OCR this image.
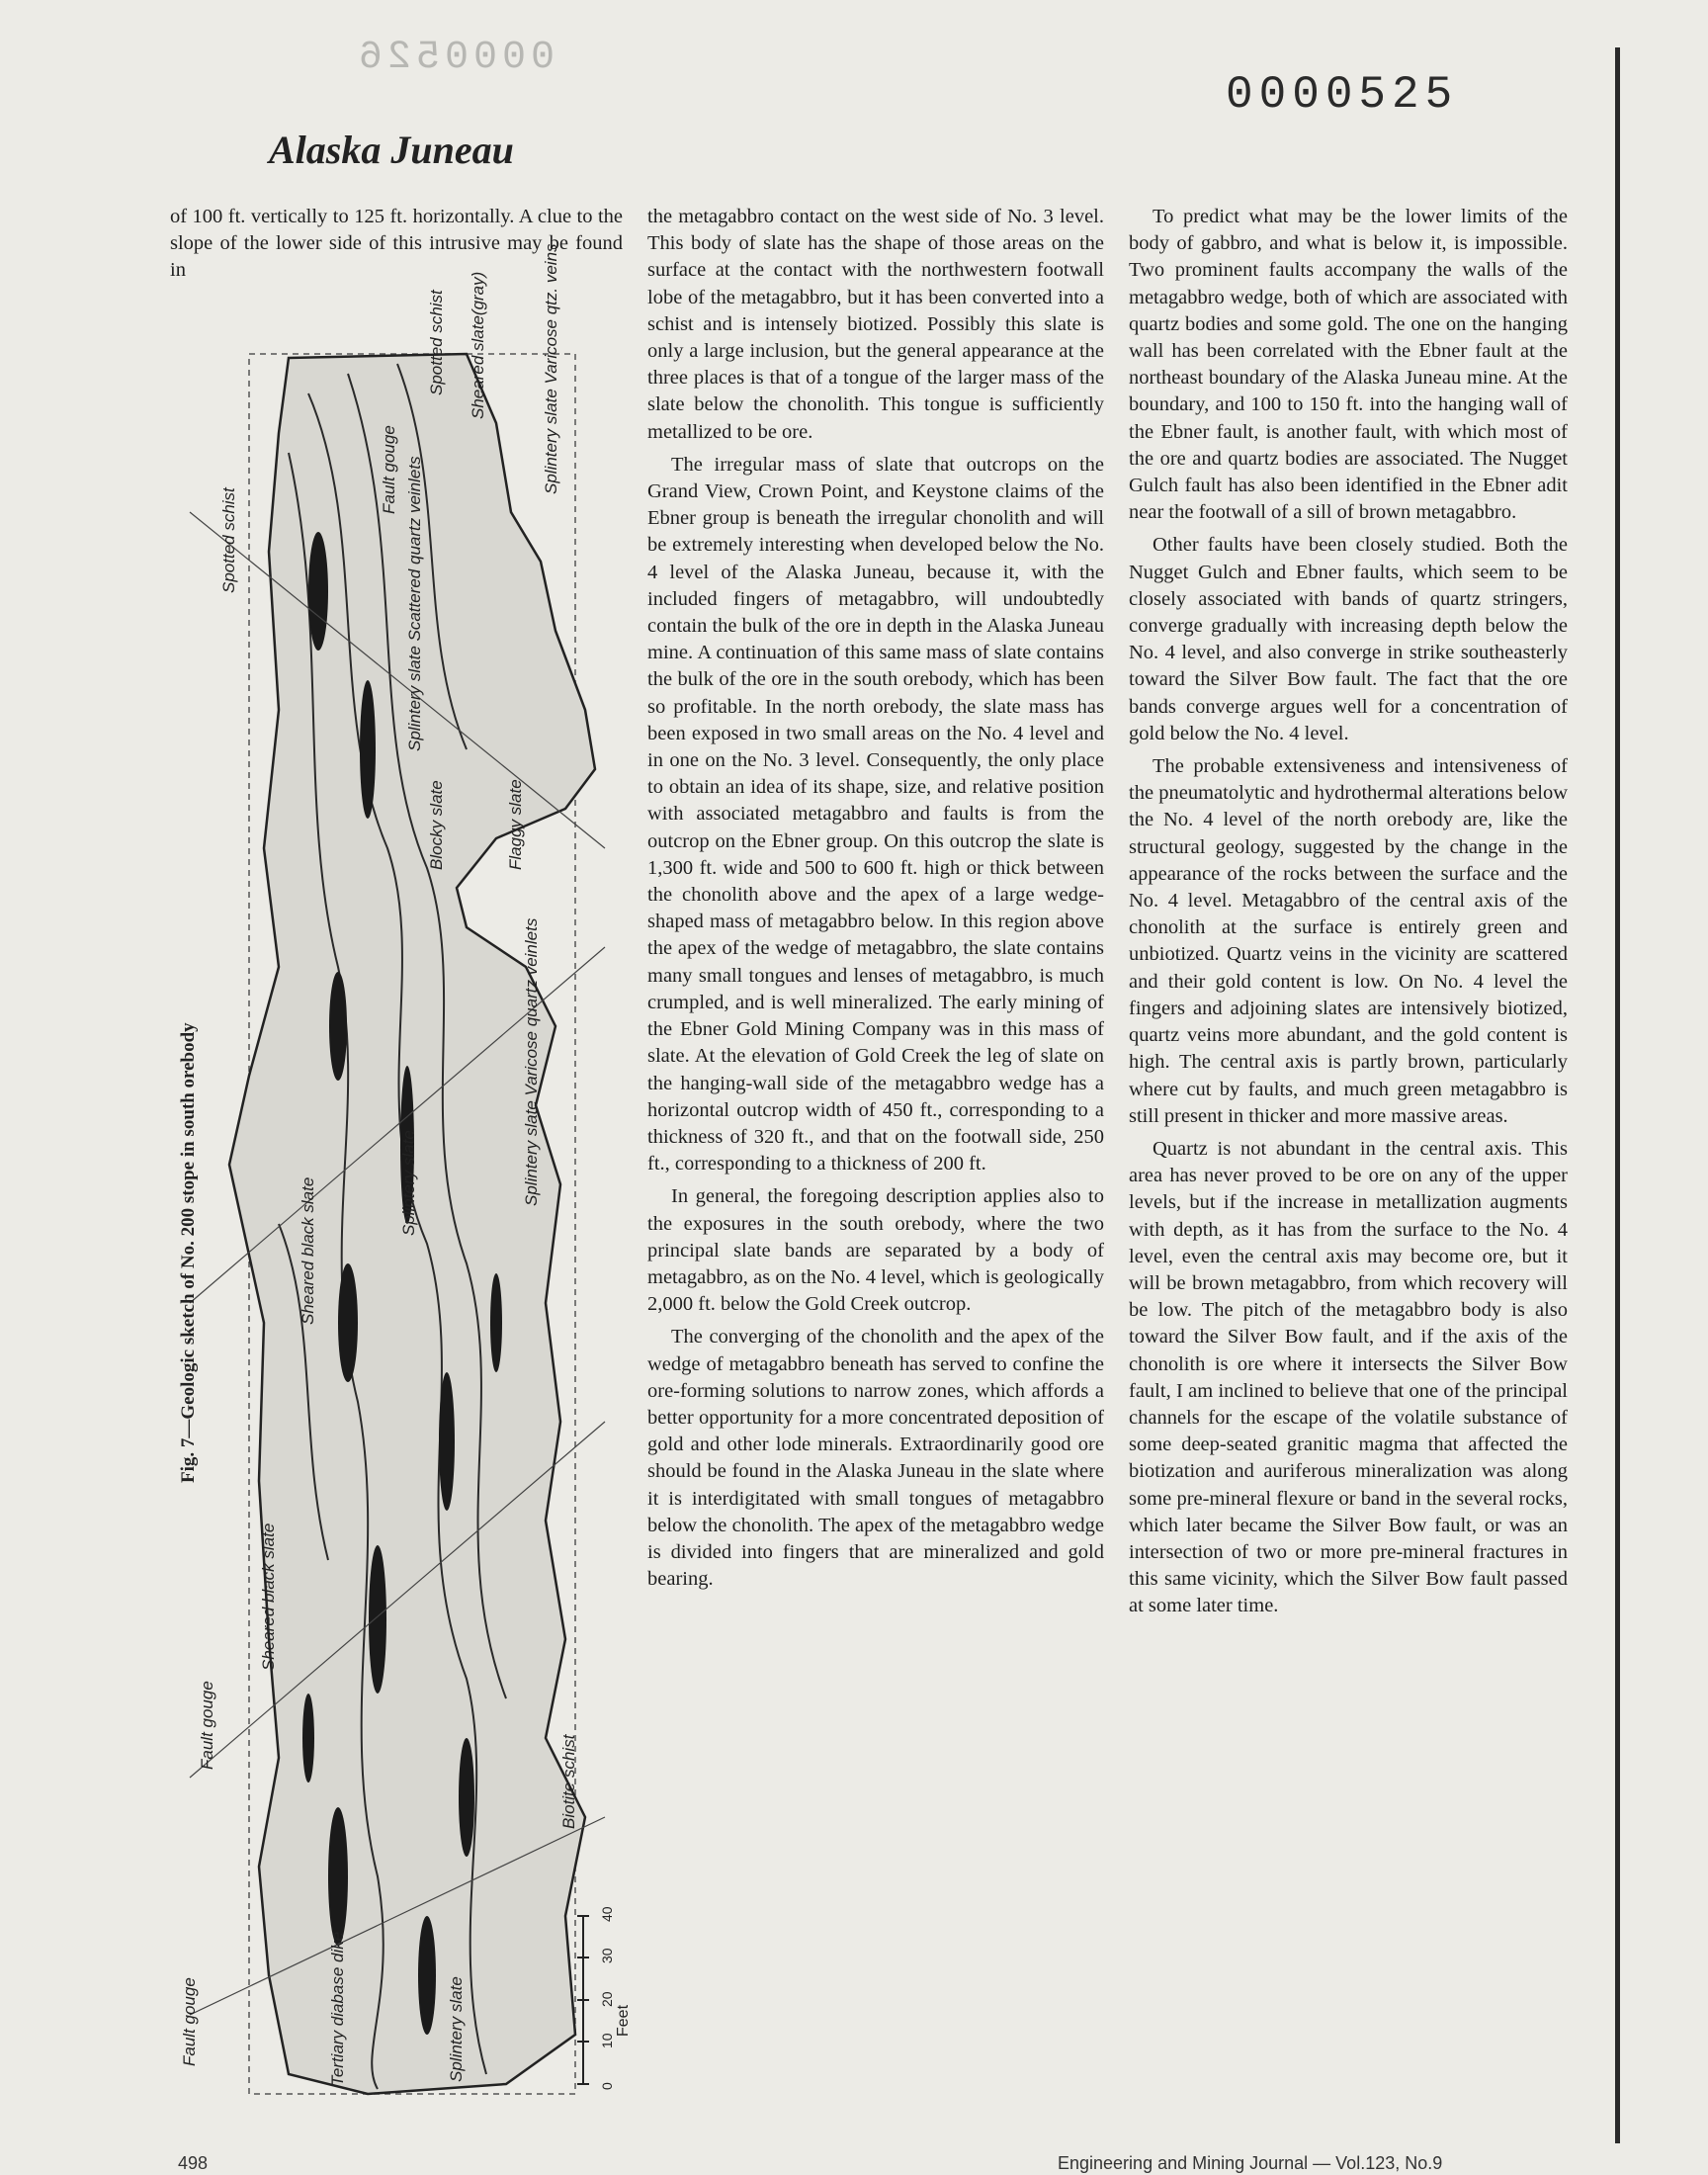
0000526
0000525
Alaska Juneau

of 100 ft. vertically to 125 ft. horizontally. A clue to the slope of the lower side of this intrusive may be found in

Fig. 7—Geologic sketch of No. 200 stope in south orebody
Spotted schist
Spotted schist Sheared slate(gray)	Splintery slate Varicose qtz. veins
Fault gouge Splintery slate Scattered quartz veinlets
Flaggy slate
Blocky slate
Splintery slate	Splintery slate Varicose quartz veinlets
Sheared black slate
Sheared black slate
Fault gouge
Biotite schist
Fault gouge	Tertiary diabase dike	Splintery slate
0
10
20
30
40
Feet

the metagabbro contact on the west side of No. 3 level. This body of slate has the shape of those areas on the surface at the contact with the northwestern footwall lobe of the metagabbro, but it has been converted into a schist and is intensely biotized. Possibly this slate is only a large inclusion, but the general appearance at the three places is that of a tongue of the larger mass of the slate below the chonolith. This tongue is sufficiently metallized to be ore.

The irregular mass of slate that outcrops on the Grand View, Crown Point, and Keystone claims of the Ebner group is beneath the irregular chonolith and will be extremely interesting when developed below the No. 4 level of the Alaska Juneau, because it, with the included fingers of metagabbro, will undoubtedly contain the bulk of the ore in depth in the Alaska Juneau mine. A continuation of this same mass of slate contains the bulk of the ore in the south orebody, which has been so profitable. In the north orebody, the slate mass has been exposed in two small areas on the No. 4 level and in one on the No. 3 level. Consequently, the only place to obtain an idea of its shape, size, and relative position with associated metagabbro and faults is from the outcrop on the Ebner group. On this outcrop the slate is 1,300 ft. wide and 500 to 600 ft. high or thick between the chonolith above and the apex of a large wedge-shaped mass of metagabbro below. In this region above the apex of the wedge of metagabbro, the slate contains many small tongues and lenses of metagabbro, is much crumpled, and is well mineralized. The early mining of the Ebner Gold Mining Company was in this mass of slate. At the elevation of Gold Creek the leg of slate on the hanging-wall side of the metagabbro wedge has a horizontal outcrop width of 450 ft., corresponding to a thickness of 320 ft., and that on the footwall side, 250 ft., corresponding to a thickness of 200 ft.

In general, the foregoing description applies also to the exposures in the south orebody, where the two principal slate bands are separated by a body of metagabbro, as on the No. 4 level, which is geologically 2,000 ft. below the Gold Creek outcrop.

The converging of the chonolith and the apex of the wedge of metagabbro beneath has served to confine the ore-forming solutions to narrow zones, which affords a better opportunity for a more concentrated deposition of gold and other lode minerals. Extraordinarily good ore should be found in the Alaska Juneau in the slate where it is interdigitated with small tongues of metagabbro below the chonolith. The apex of the metagabbro wedge is divided into fingers that are mineralized and gold bearing.

To predict what may be the lower limits of the body of gabbro, and what is below it, is impossible. Two prominent faults accompany the walls of the metagabbro wedge, both of which are associated with quartz bodies and some gold. The one on the hanging wall has been correlated with the Ebner fault at the northeast boundary of the Alaska Juneau mine. At the boundary, and 100 to 150 ft. into the hanging wall of the Ebner fault, is another fault, with which most of the ore and quartz bodies are associated. The Nugget Gulch fault has also been identified in the Ebner adit near the footwall of a sill of brown metagabbro.

Other faults have been closely studied. Both the Nugget Gulch and Ebner faults, which seem to be closely associated with bands of quartz stringers, converge gradually with increasing depth below the No. 4 level, and also converge in strike southeasterly toward the Silver Bow fault. The fact that the ore bands converge argues well for a concentration of gold below the No. 4 level.

The probable extensiveness and intensiveness of the pneumatolytic and hydrothermal alterations below the No. 4 level of the north orebody are, like the structural geology, suggested by the change in the appearance of the rocks between the surface and the No. 4 level. Metagabbro of the central axis of the chonolith at the surface is entirely green and unbiotized. Quartz veins in the vicinity are scattered and their gold content is low. On No. 4 level the fingers and adjoining slates are intensively biotized, quartz veins more abundant, and the gold content is high. The central axis is partly brown, particularly where cut by faults, and much green metagabbro is still present in thicker and more massive areas.

Quartz is not abundant in the central axis. This area has never proved to be ore on any of the upper levels, but if the increase in metallization augments with depth, as it has from the surface to the No. 4 level, even the central axis may become ore, but it will be brown metagabbro, from which recovery will be low. The pitch of the metagabbro body is also toward the Silver Bow fault, and if the axis of the chonolith is ore where it intersects the Silver Bow fault, I am inclined to believe that one of the principal channels for the escape of the volatile substance of some deep-seated granitic magma that affected the biotization and auriferous mineralization was along some pre-mineral flexure or band in the several rocks, which later became the Silver Bow fault, or was an intersection of two or more pre-mineral fractures in this same vicinity, which the Silver Bow fault passed at some later time.

498	Engineering and Mining Journal — Vol.123, No.9
